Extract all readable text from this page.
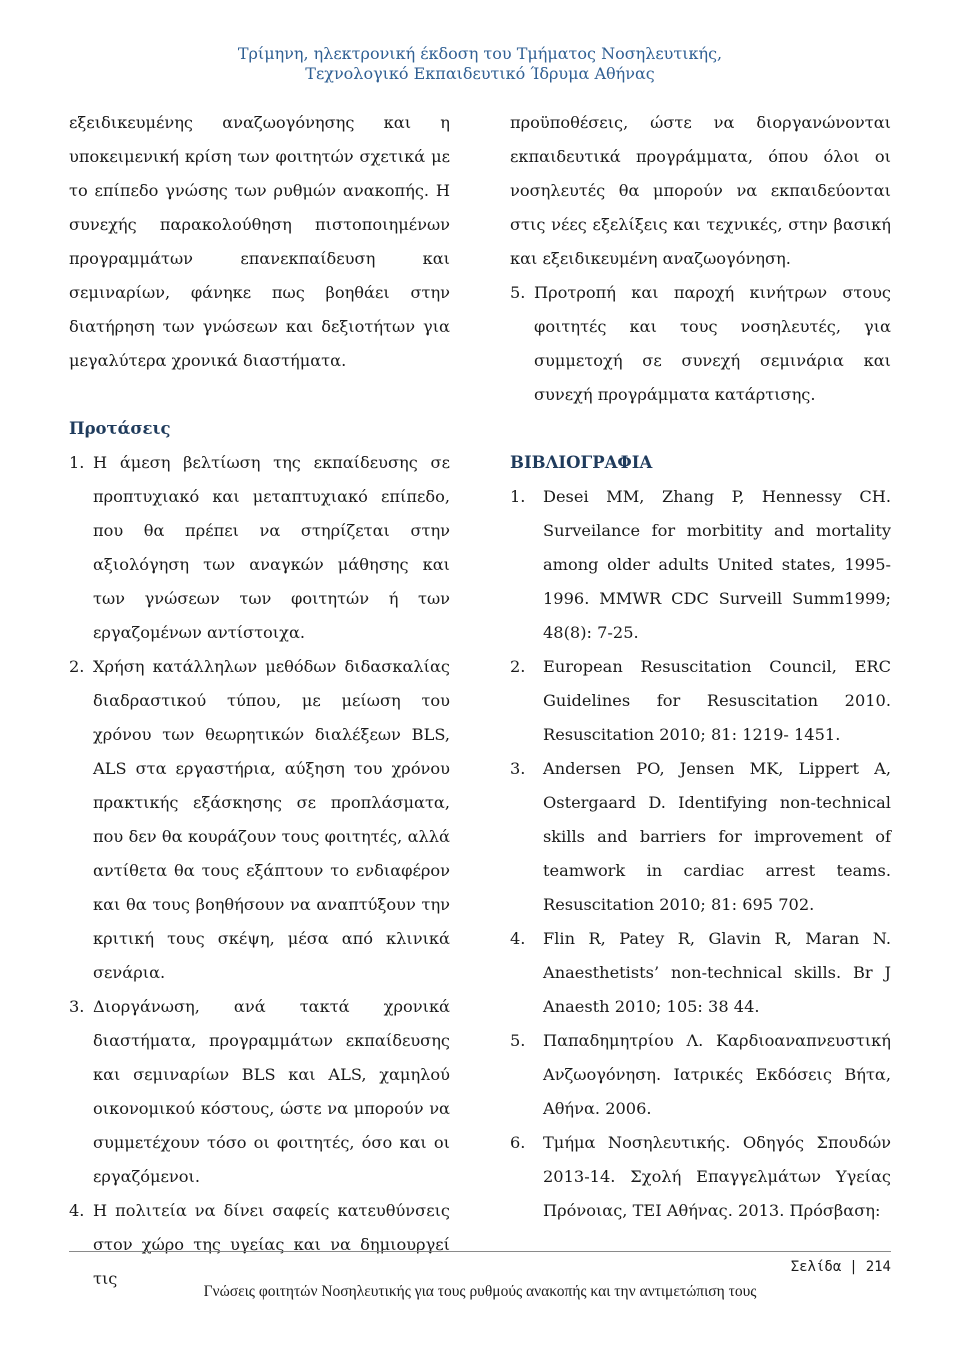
Τρίμηνη, ηλεκτρονική έκδοση του Τμήματος Νοσηλευτικής,
Τεχνολογικό Εκπαιδευτικό Ίδρυμα Αθήνας

εξειδικευμένης αναζωογόνησης και η υποκειμενική κρίση των φοιτητών σχετικά με το επίπεδο γνώσης των ρυθμών ανακοπής. Η συνεχής παρακολούθηση πιστοποιημένων προγραμμάτων επανεκπαίδευση και σεμιναρίων, φάνηκε πως βοηθάει στην διατήρηση των γνώσεων και δεξιοτήτων για μεγαλύτερα χρονικά διαστήματα.

Προτάσεις
1. Η άμεση βελτίωση της εκπαίδευσης σε προπτυχιακό και μεταπτυχιακό επίπεδο, που θα πρέπει να στηρίζεται στην αξιολόγηση των αναγκών μάθησης και των γνώσεων των φοιτητών ή των εργαζομένων αντίστοιχα.
2. Χρήση κατάλληλων μεθόδων διδασκαλίας διαδραστικού τύπου, με μείωση του χρόνου των θεωρητικών διαλέξεων BLS, ALS στα εργαστήρια, αύξηση του χρόνου πρακτικής εξάσκησης σε προπλάσματα, που δεν θα κουράζουν τους φοιτητές, αλλά αντίθετα θα τους εξάπτουν το ενδιαφέρον και θα τους βοηθήσουν να αναπτύξουν την κριτική τους σκέψη, μέσα από κλινικά σενάρια.
3. Διοργάνωση, ανά τακτά χρονικά διαστήματα, προγραμμάτων εκπαίδευσης και σεμιναρίων BLS και ALS, χαμηλού οικονομικού κόστους, ώστε να μπορούν να συμμετέχουν τόσο οι φοιτητές, όσο και οι εργαζόμενοι.
4. Η πολιτεία να δίνει σαφείς κατευθύνσεις στον χώρο της υγείας και να δημιουργεί τις

προϋποθέσεις, ώστε να διοργανώνονται εκπαιδευτικά προγράμματα, όπου όλοι οι νοσηλευτές θα μπορούν να εκπαιδεύονται στις νέες εξελίξεις και τεχνικές, στην βασική και εξειδικευμένη αναζωογόνηση.

5. Προτροπή και παροχή κινήτρων στους φοιτητές και τους νοσηλευτές, για συμμετοχή σε συνεχή σεμινάρια και συνεχή προγράμματα κατάρτισης.
ΒΙΒΛΙΟΓΡΑΦΙΑ
1. Desei MM, Zhang P, Hennessy CH. Surveilance for morbitity and mortality among older adults United states, 1995-1996. MMWR CDC Surveill Summ1999; 48(8): 7-25.
2. European Resuscitation Council, ERC Guidelines for Resuscitation 2010. Resuscitation 2010; 81: 1219- 1451.
3. Andersen PO, Jensen MK, Lippert A, Ostergaard D. Identifying non-technical skills and barriers for improvement of teamwork in cardiac arrest teams. Resuscitation 2010; 81: 695 702.
4. Flin R, Patey R, Glavin R, Maran N. Anaesthetists’ non-technical skills. Br J Anaesth 2010; 105: 38 44.
5. Παπαδημητρίου Λ. Καρδιοαναπνευστική Ανζωογόνηση. Ιατρικές Εκδόσεις Βήτα, Αθήνα. 2006.
6. Τμήμα Νοσηλευτικής. Οδηγός Σπουδών 2013-14. Σχολή Επαγγελμάτων Υγείας Πρόνοιας, ΤΕΙ Αθήνας. 2013. Πρόσβαση:
Σελίδα | 214
Γνώσεις φοιτητών Νοσηλευτικής για τους ρυθμούς ανακοπής και την αντιμετώπιση τους
